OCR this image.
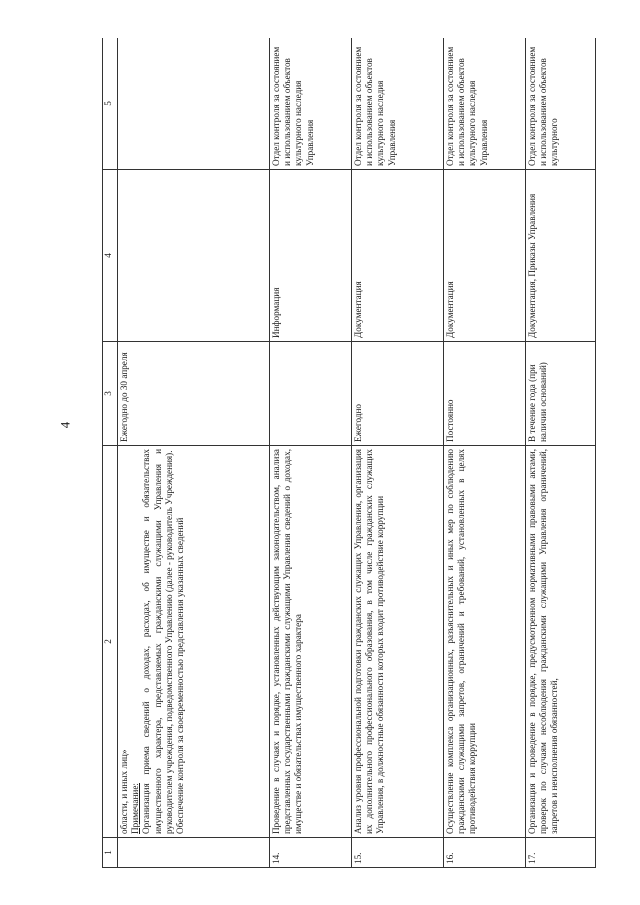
4
1	2	3	4	5

	области, и иных лиц» Примечание: Организация приема сведений о доходах, расходах, об имуществе и обязательствах имущественного характера, представляемых гражданскими служащими Управления и руководителем учреждения, подведомственного Управлению (далее - руководитель Учреждения). Обеспечение контроля за своевременностью представления указанных сведений	Ежегодно до 30 апреля		
14.	Проведение в случаях и порядке, установленных действующим законодательством, анализа представленных государственными гражданскими служащими Управления сведений о доходах, имуществе и обязательствах имущественного характера		Информация	Отдел контроля за состоянием и использованием объектов культурного наследия Управления
15.	Анализ уровня профессиональной подготовки гражданских служащих Управления, организация их дополнительного профессионального образования, в том числе гражданских служащих Управления, в должностные обязанности которых входит противодействие коррупции	Ежегодно	Документация	Отдел контроля за состоянием и использованием объектов культурного наследия Управления
16.	Осуществление комплекса организационных, разъяснительных и иных мер по соблюдению гражданскими служащими запретов, ограничений и требований, установленных в целях противодействия коррупции	Постоянно	Документация	Отдел контроля за состоянием и использованием объектов культурного наследия Управления
17.	Организация и проведение в порядке, предусмотренном нормативными правовыми актами, проверок по случаям несоблюдения гражданскими служащими Управления ограничений, запретов и неисполнения обязанностей,	В течение года (при наличии оснований)	Документация, Приказы Управления	Отдел контроля за состоянием и использованием объектов культурного
